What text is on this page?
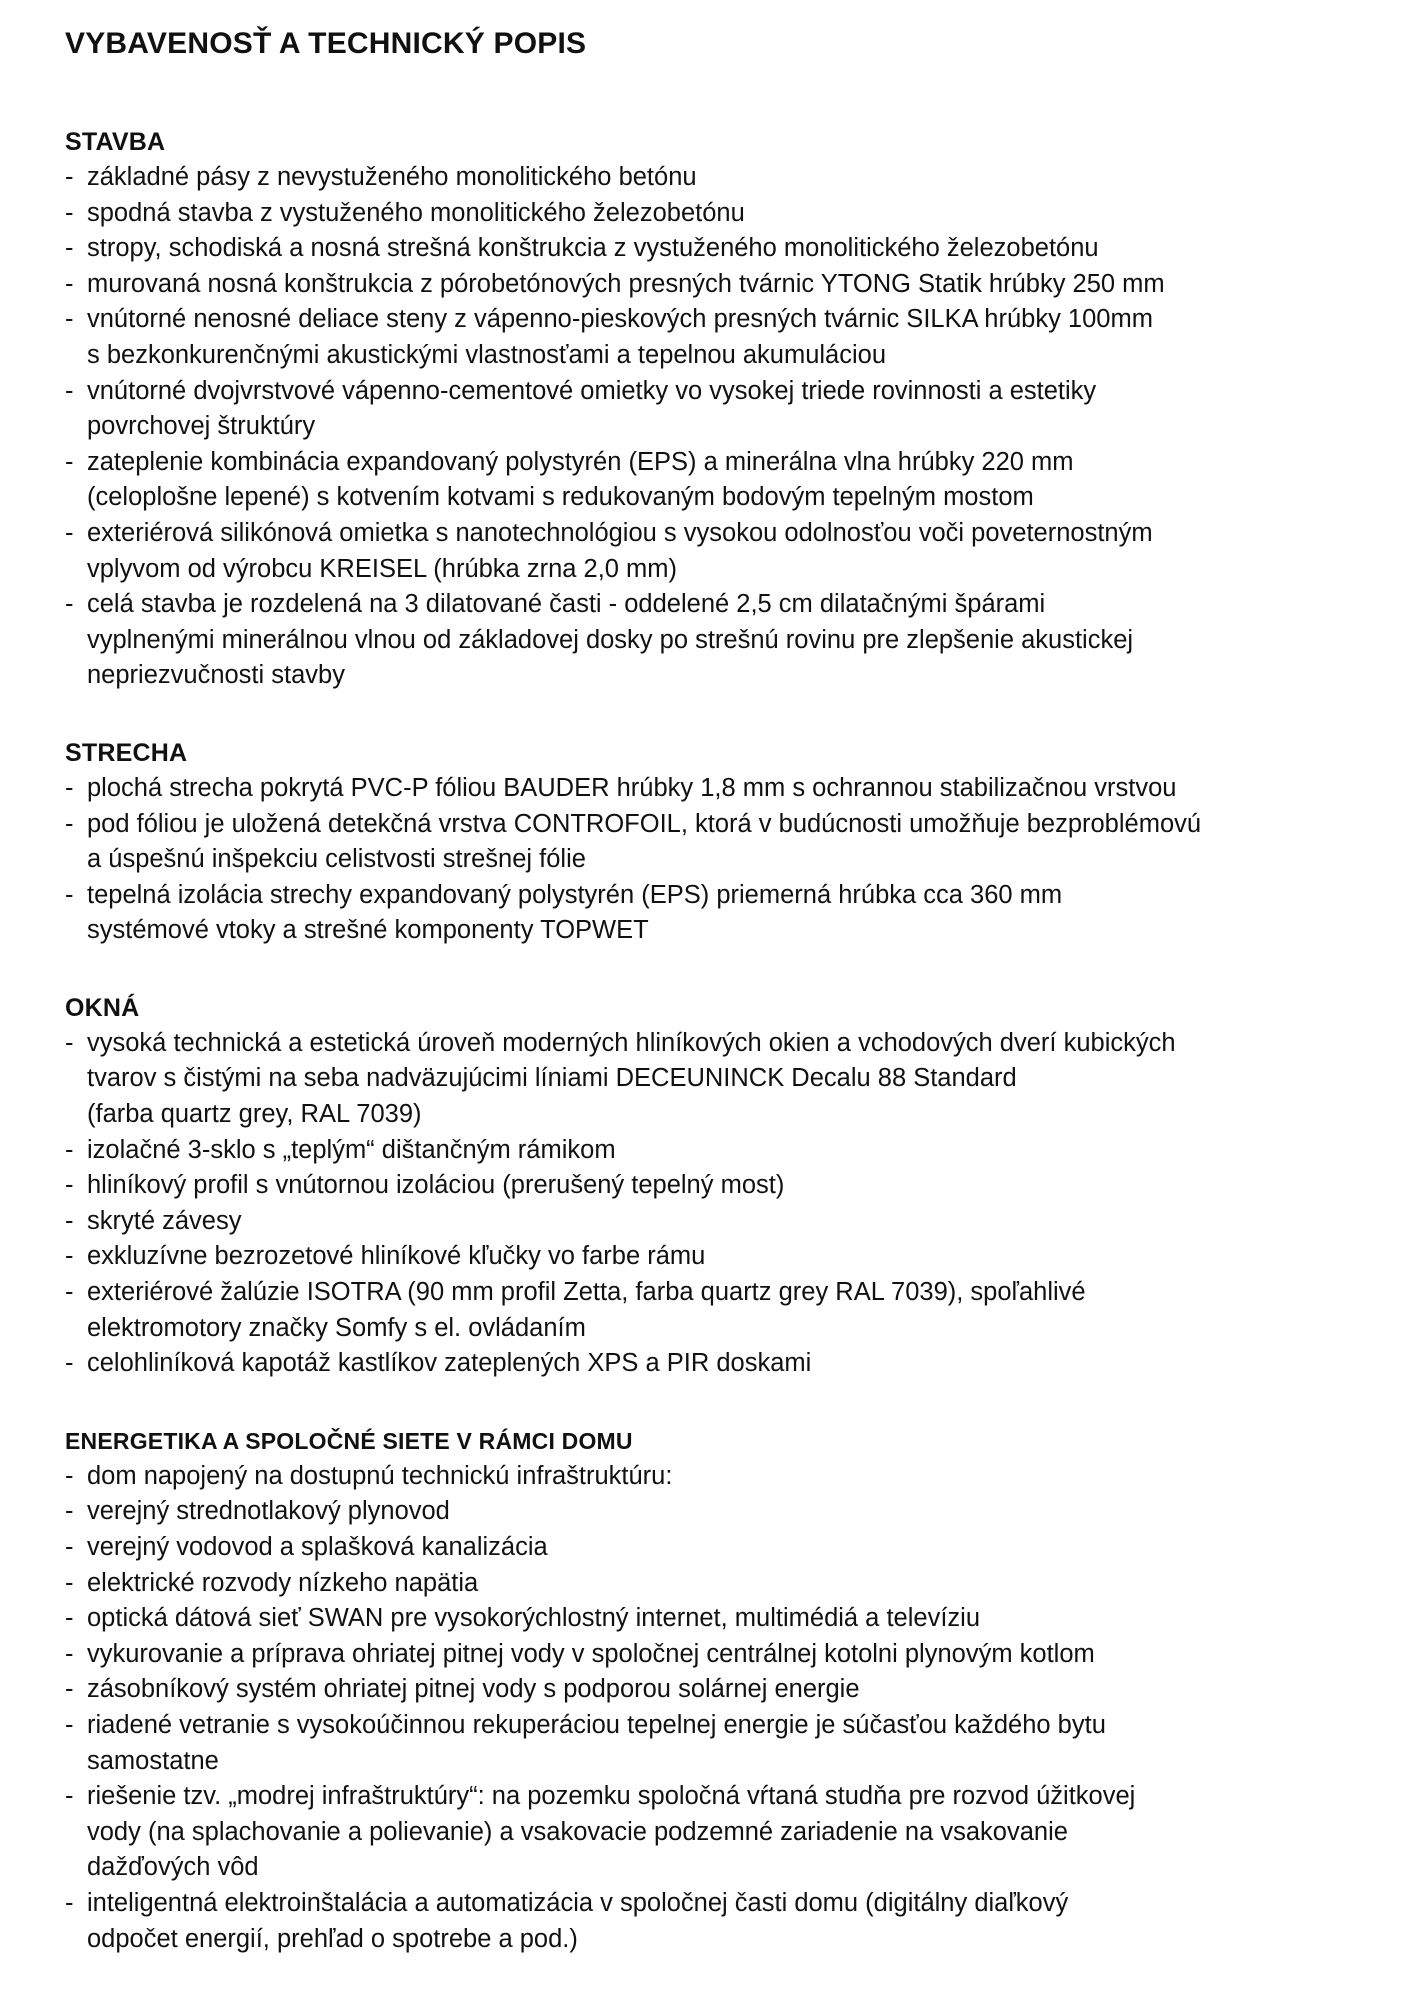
VYBAVENOSŤ A TECHNICKÝ POPIS
STAVBA
- základné pásy z nevystuženého monolitického betónu
- spodná stavba z vystuženého monolitického železobetónu
- stropy, schodiská a nosná strešná konštrukcia z vystuženého monolitického železobetónu
- murovaná nosná konštrukcia z pórobetónových presných tvárnic YTONG Statik hrúbky 250 mm
- vnútorné nenosné deliace steny z vápenno-pieskových presných tvárnic SILKA hrúbky 100mm
s bezkonkurenčnými akustickými vlastnosťami a tepelnou akumuláciou
- vnútorné dvojvrstvové vápenno-cementové omietky vo vysokej triede rovinnosti a estetiky
povrchovej štruktúry
- zateplenie kombinácia expandovaný polystyrén (EPS) a minerálna vlna hrúbky 220 mm
(celoplošne lepené) s kotvením kotvami s redukovaným bodovým tepelným mostom
- exteriérová silikónová omietka s nanotechnológiou s vysokou odolnosťou voči poveternostným
vplyvom od výrobcu KREISEL (hrúbka zrna 2,0 mm)
- celá stavba je rozdelená na 3 dilatované časti - oddelené 2,5 cm dilatačnými špárami
vyplnenými minerálnou vlnou od základovej dosky po strešnú rovinu pre zlepšenie akustickej
nepriezvučnosti stavby
STRECHA
- plochá strecha pokrytá PVC-P fóliou BAUDER hrúbky 1,8 mm s ochrannou stabilizačnou vrstvou
- pod fóliou je uložená detekčná vrstva CONTROFOIL, ktorá v budúcnosti umožňuje bezproblémovú
a úspešnú inšpekciu celistvosti strešnej fólie
- tepelná izolácia strechy expandovaný polystyrén (EPS) priemerná hrúbka cca 360 mm
systémové vtoky a strešné komponenty TOPWET
OKNÁ
- vysoká technická a estetická úroveň moderných hliníkových okien a vchodových dverí kubických
tvarov s čistými na seba nadväzujúcimi líniami DECEUNINCK Decalu 88 Standard
(farba quartz grey, RAL 7039)
- izolačné 3-sklo s „teplým“ dištančným rámikom
- hliníkový profil s vnútornou izoláciou (prerušený tepelný most)
- skryté závesy
- exkluzívne bezrozetové hliníkové kľučky vo farbe rámu
- exteriérové žalúzie ISOTRA (90 mm profil Zetta, farba quartz grey RAL 7039), spoľahlivé
elektromotory značky Somfy s el. ovládaním
- celohliníková kapotáž kastlíkov zateplených XPS a PIR doskami
ENERGETIKA A SPOLOČNÉ SIETE V RÁMCI DOMU
- dom napojený na dostupnú technickú infraštruktúru:
- verejný strednotlakový plynovod
- verejný vodovod a splašková kanalizácia
- elektrické rozvody nízkeho napätia
- optická dátová sieť SWAN pre vysokorýchlostný internet, multimédiá a televíziu
- vykurovanie a príprava ohriatej pitnej vody v spoločnej centrálnej kotolni plynovým kotlom
- zásobníkový systém ohriatej pitnej vody s podporou solárnej energie
- riadené vetranie s vysokoúčinnou rekuperáciou tepelnej energie je súčasťou každého bytu
samostatne
- riešenie tzv. „modrej infraštruktúry“: na pozemku spoločná vŕtaná studňa pre rozvod úžitkovej
vody (na splachovanie a polievanie) a vsakovacie podzemné zariadenie na vsakovanie
dažďových vôd
- inteligentná elektroinštalácia a automatizácia v spoločnej časti domu (digitálny diaľkový
odpočet energií, prehľad o spotrebe a pod.)
